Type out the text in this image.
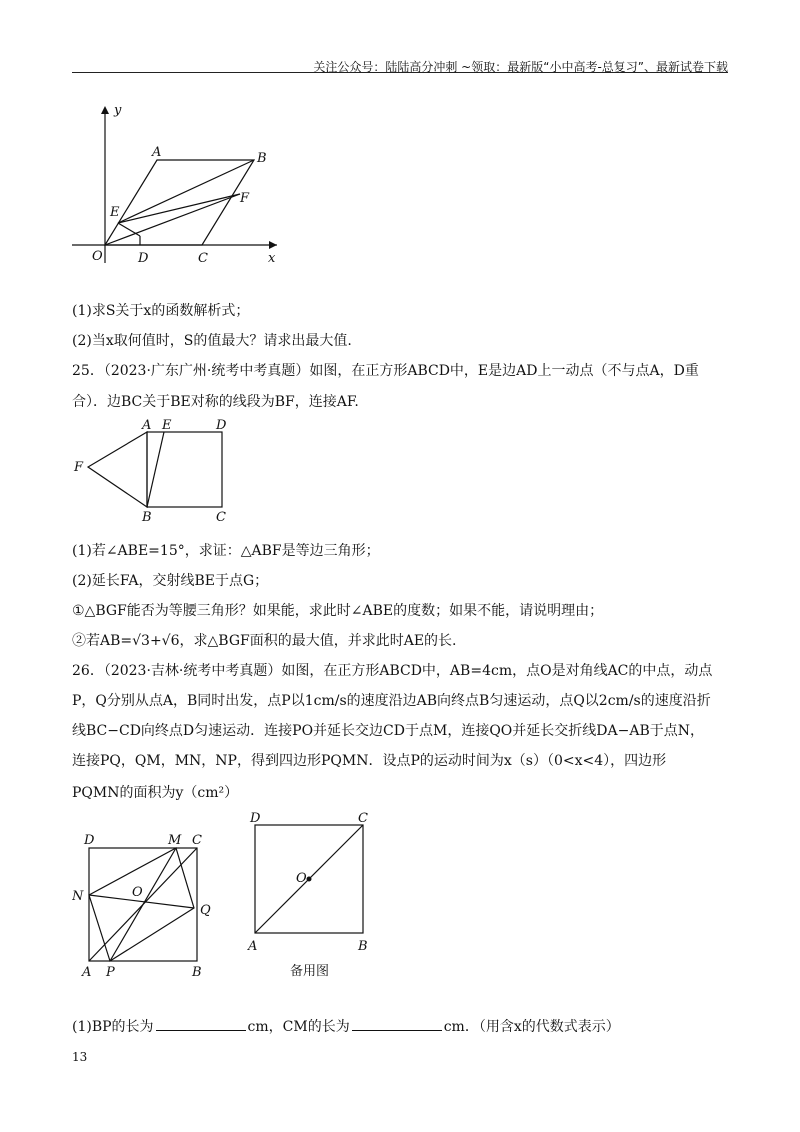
关注公众号：陆陆高分冲刺 ~领取：最新版“小中高考-总复习”、最新试卷下载
y
A	B
E
F
O	D	C	x
(1)求S关于x的函数解析式；
(2)当x取何值时，S的值最大？请求出最大值.
25．（2023·广东广州·统考中考真题）如图，在正方形ABCD中，E是边AD上一动点（不与点A，D重
合）．边BC关于BE对称的线段为BF，连接AF.
A E	D
F
B	C
(1)若∠ABE=15°，求证：△ABF是等边三角形；
(2)延长FA，交射线BE于点G；
①△BGF能否为等腰三角形？如果能，求此时∠ABE的度数；如果不能，请说明理由；
②若AB=√3+√6，求△BGF面积的最大值，并求此时AE的长.
26．（2023·吉林·统考中考真题）如图，在正方形ABCD中，AB=4cm，点O是对角线AC的中点，动点
P，Q分别从点A，B同时出发，点P以1cm/s的速度沿边AB向终点B匀速运动，点Q以2cm/s的速度沿折
线BC−CD向终点D匀速运动．连接PO并延长交边CD于点M，连接QO并延长交折线DA−AB于点N，
连接PQ，QM，MN，NP，得到四边形PQMN．设点P的运动时间为x（s）（0<x<4），四边形
PQMN的面积为y（cm²）
D	M C
N	O
Q
A P	B
D	C
O
A	B
备用图
(1)BP的长为	cm，CM的长为	cm．（用含x的代数式表示）
13
